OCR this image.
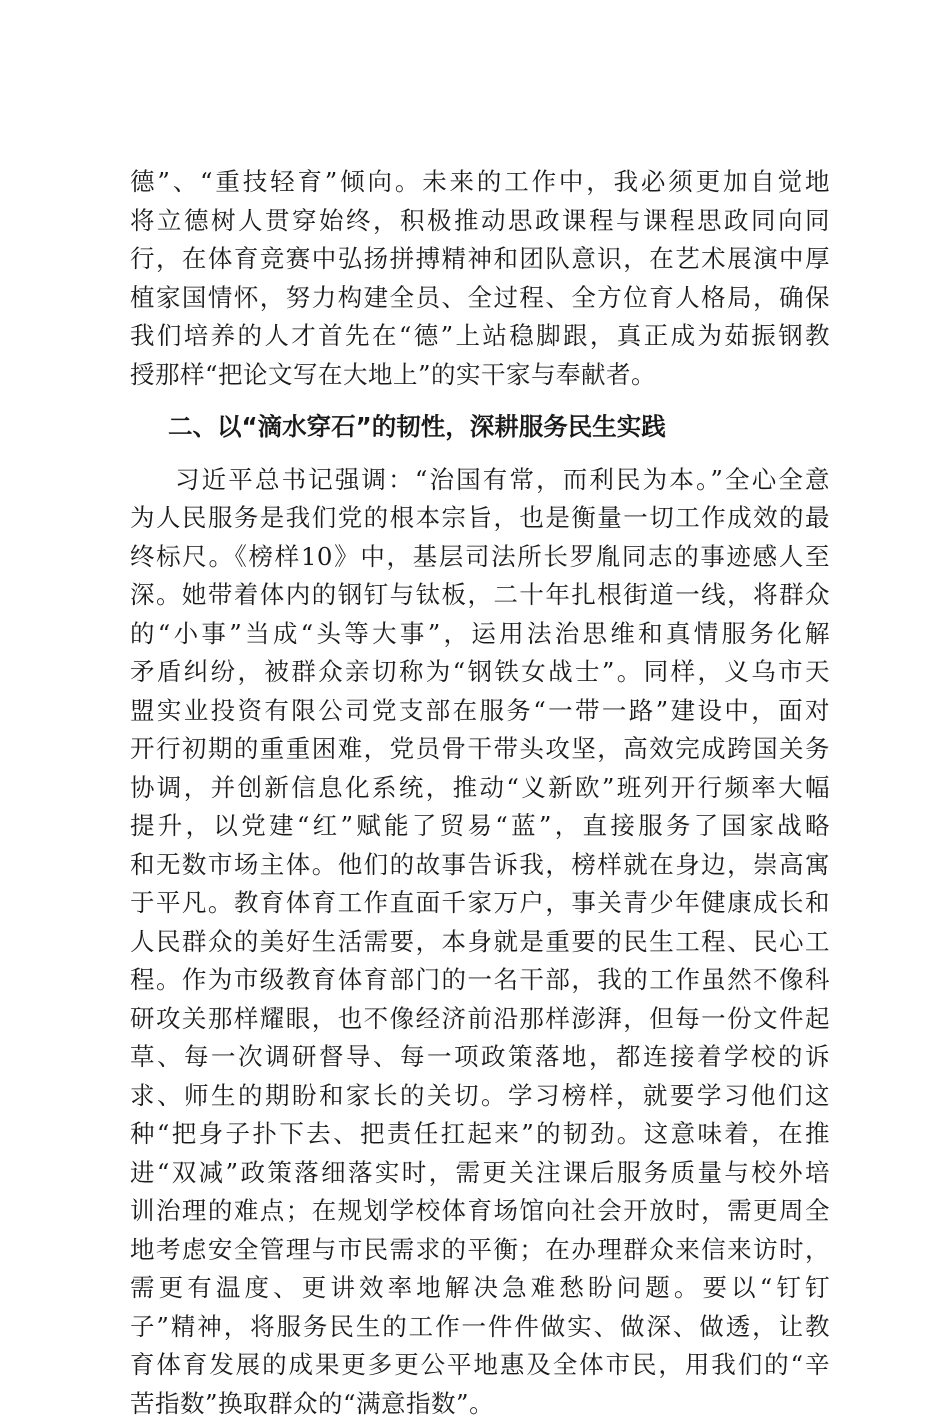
德”、“重技轻育”倾向。未来的工作中，我必须更加自觉地
将立德树人贯穿始终，积极推动思政课程与课程思政同向同
行，在体育竞赛中弘扬拼搏精神和团队意识，在艺术展演中厚
植家国情怀，努力构建全员、全过程、全方位育人格局，确保
我们培养的人才首先在“德”上站稳脚跟，真正成为茹振钢教
授那样“把论文写在大地上”的实干家与奉献者。
二、以“滴水穿石”的韧性，深耕服务民生实践
习近平总书记强调：“治国有常，而利民为本。”全心全意
为人民服务是我们党的根本宗旨，也是衡量一切工作成效的最
终标尺。《榜样10》中，基层司法所长罗胤同志的事迹感人至
深。她带着体内的钢钉与钛板，二十年扎根街道一线，将群众
的“小事”当成“头等大事”，运用法治思维和真情服务化解
矛盾纠纷，被群众亲切称为“钢铁女战士”。同样，义乌市天
盟实业投资有限公司党支部在服务“一带一路”建设中，面对
开行初期的重重困难，党员骨干带头攻坚，高效完成跨国关务
协调，并创新信息化系统，推动“义新欧”班列开行频率大幅
提升，以党建“红”赋能了贸易“蓝”，直接服务了国家战略
和无数市场主体。他们的故事告诉我，榜样就在身边，崇高寓
于平凡。教育体育工作直面千家万户，事关青少年健康成长和
人民群众的美好生活需要，本身就是重要的民生工程、民心工
程。作为市级教育体育部门的一名干部，我的工作虽然不像科
研攻关那样耀眼，也不像经济前沿那样澎湃，但每一份文件起
草、每一次调研督导、每一项政策落地，都连接着学校的诉
求、师生的期盼和家长的关切。学习榜样，就要学习他们这
种“把身子扑下去、把责任扛起来”的韧劲。这意味着，在推
进“双减”政策落细落实时，需更关注课后服务质量与校外培
训治理的难点；在规划学校体育场馆向社会开放时，需更周全
地考虑安全管理与市民需求的平衡；在办理群众来信来访时，
需更有温度、更讲效率地解决急难愁盼问题。要以“钉钉
子”精神，将服务民生的工作一件件做实、做深、做透，让教
育体育发展的成果更多更公平地惠及全体市民，用我们的“辛
苦指数”换取群众的“满意指数”。
